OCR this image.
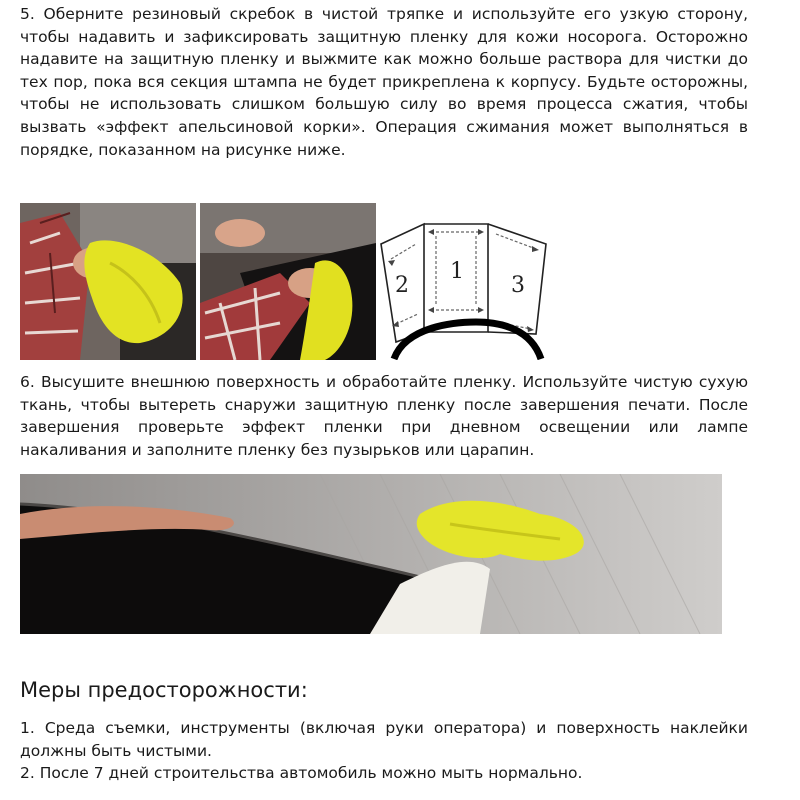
5. Оберните резиновый скребок в чистой тряпке и используйте его узкую сторону, чтобы надавить и зафиксировать защитную пленку для кожи носорога. Осторожно надавите на защитную пленку и выжмите как можно больше раствора для чистки до тех пор, пока вся секция штампа не будет прикреплена к корпусу. Будьте осторожны, чтобы не использовать слишком большую силу во время процесса сжатия, чтобы вызвать «эффект апельсиновой корки». Операция сжимания может выполняться в порядке, показанном на рисунке ниже.

2
1
3

6. Высушите внешнюю поверхность и обработайте пленку. Используйте чистую сухую ткань, чтобы вытереть снаружи защитную пленку после завершения печати. После завершения проверьте эффект пленки при дневном освещении или лампе накаливания и заполните пленку без пузырьков или царапин.

Меры предосторожности:
1. Среда съемки, инструменты (включая руки оператора) и поверхность наклейки должны быть чистыми.
2. После 7 дней строительства автомобиль можно мыть нормально.
